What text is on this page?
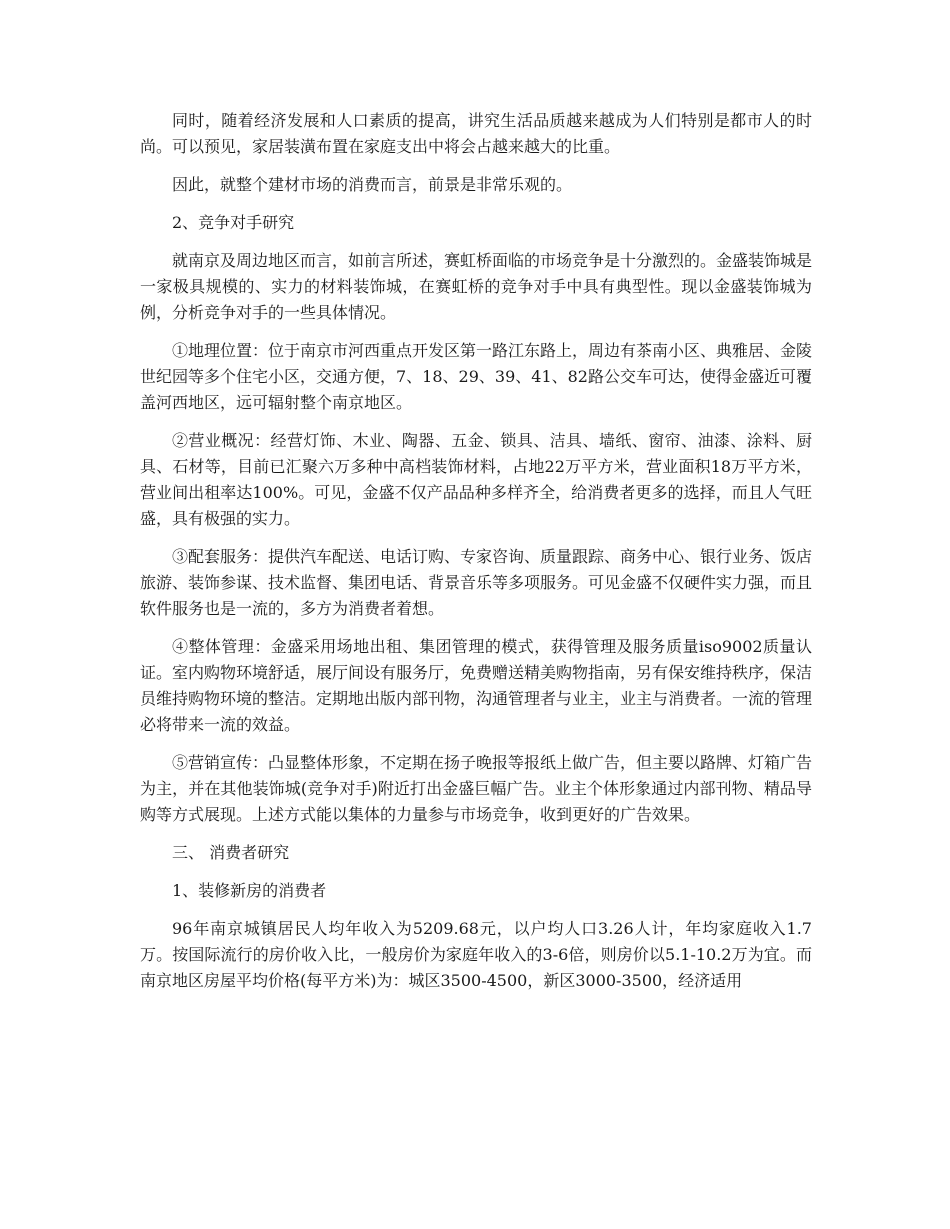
同时，随着经济发展和人口素质的提高，讲究生活品质越来越成为人们特别是都市人的时尚。可以预见，家居装潢布置在家庭支出中将会占越来越大的比重。

因此，就整个建材市场的消费而言，前景是非常乐观的。

2、竞争对手研究

就南京及周边地区而言，如前言所述，赛虹桥面临的市场竞争是十分激烈的。金盛装饰城是一家极具规模的、实力的材料装饰城，在赛虹桥的竞争对手中具有典型性。现以金盛装饰城为例，分析竞争对手的一些具体情况。

①地理位置：位于南京市河西重点开发区第一路江东路上，周边有茶南小区、典雅居、金陵世纪园等多个住宅小区，交通方便，7、18、29、39、41、82路公交车可达，使得金盛近可覆盖河西地区，远可辐射整个南京地区。

②营业概况：经营灯饰、木业、陶器、五金、锁具、洁具、墙纸、窗帘、油漆、涂料、厨具、石材等，目前已汇聚六万多种中高档装饰材料，占地22万平方米，营业面积18万平方米，营业间出租率达100%。可见，金盛不仅产品品种多样齐全，给消费者更多的选择，而且人气旺盛，具有极强的实力。

③配套服务：提供汽车配送、电话订购、专家咨询、质量跟踪、商务中心、银行业务、饭店旅游、装饰参谋、技术监督、集团电话、背景音乐等多项服务。可见金盛不仅硬件实力强，而且软件服务也是一流的，多方为消费者着想。

④整体管理：金盛采用场地出租、集团管理的模式，获得管理及服务质量iso9002质量认证。室内购物环境舒适，展厅间设有服务厅，免费赠送精美购物指南，另有保安维持秩序，保洁员维持购物环境的整洁。定期地出版内部刊物，沟通管理者与业主，业主与消费者。一流的管理必将带来一流的效益。

⑤营销宣传：凸显整体形象，不定期在扬子晚报等报纸上做广告，但主要以路牌、灯箱广告为主，并在其他装饰城(竞争对手)附近打出金盛巨幅广告。业主个体形象通过内部刊物、精品导购等方式展现。上述方式能以集体的力量参与市场竞争，收到更好的广告效果。

三、 消费者研究

1、装修新房的消费者

96年南京城镇居民人均年收入为5209.68元，以户均人口3.26人计，年均家庭收入1.7万。按国际流行的房价收入比，一般房价为家庭年收入的3-6倍，则房价以5.1-10.2万为宜。而南京地区房屋平均价格(每平方米)为：城区3500-4500，新区3000-3500，经济适用
